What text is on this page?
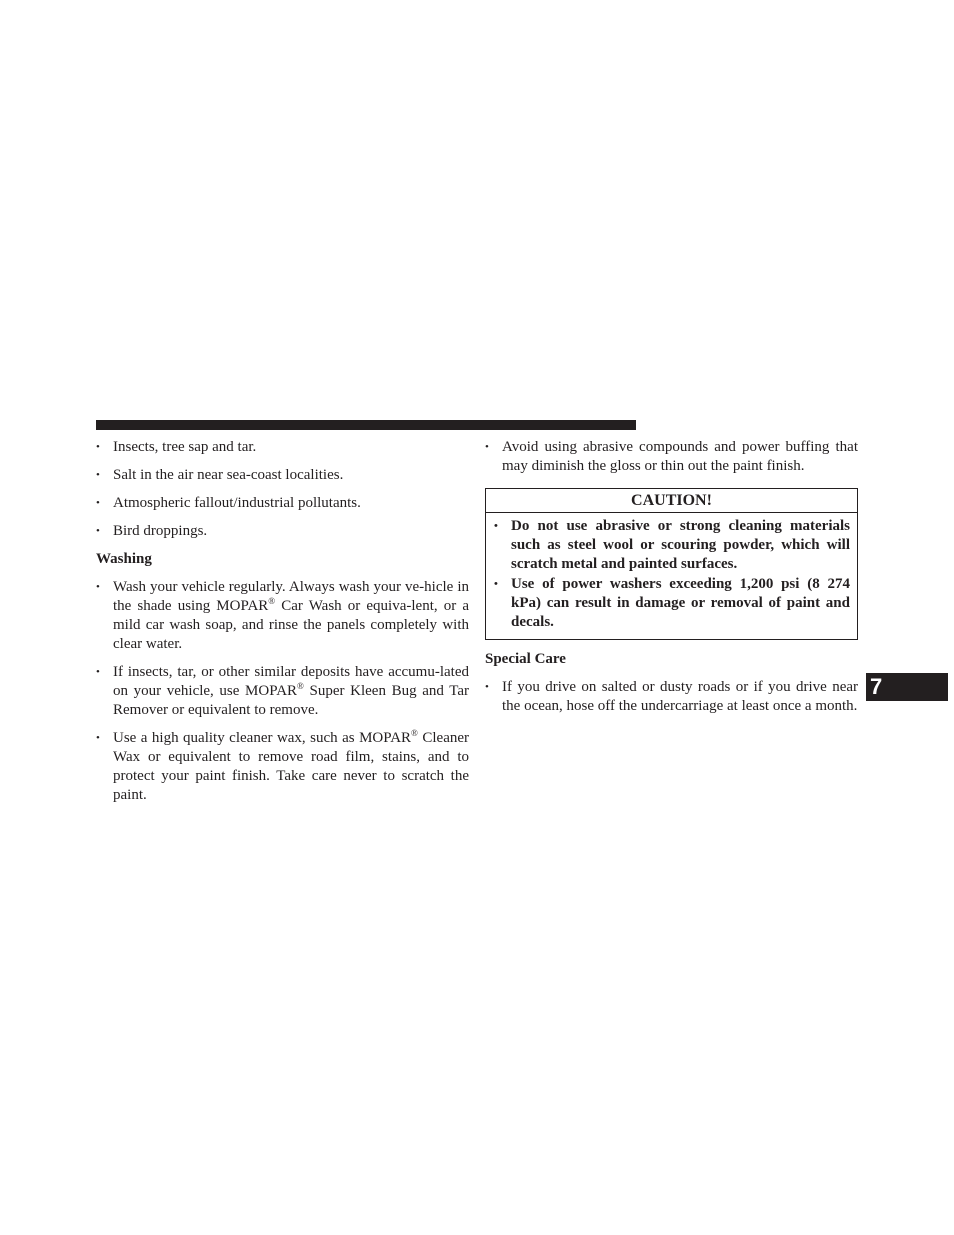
• Insects, tree sap and tar.
• Salt in the air near sea-coast localities.
• Atmospheric fallout/industrial pollutants.
• Bird droppings.
Washing
• Wash your vehicle regularly. Always wash your ve-hicle in the shade using MOPAR® Car Wash or equiva-lent, or a mild car wash soap, and rinse the panels completely with clear water.
• If insects, tar, or other similar deposits have accumu-lated on your vehicle, use MOPAR® Super Kleen Bug and Tar Remover or equivalent to remove.
• Use a high quality cleaner wax, such as MOPAR® Cleaner Wax or equivalent to remove road film, stains, and to protect your paint finish. Take care never to scratch the paint.
• Avoid using abrasive compounds and power buffing that may diminish the gloss or thin out the paint finish.
CAUTION!
• Do not use abrasive or strong cleaning materials such as steel wool or scouring powder, which will scratch metal and painted surfaces.
• Use of power washers exceeding 1,200 psi (8 274 kPa) can result in damage or removal of paint and decals.
Special Care
• If you drive on salted or dusty roads or if you drive near the ocean, hose off the undercarriage at least once a month.
7
